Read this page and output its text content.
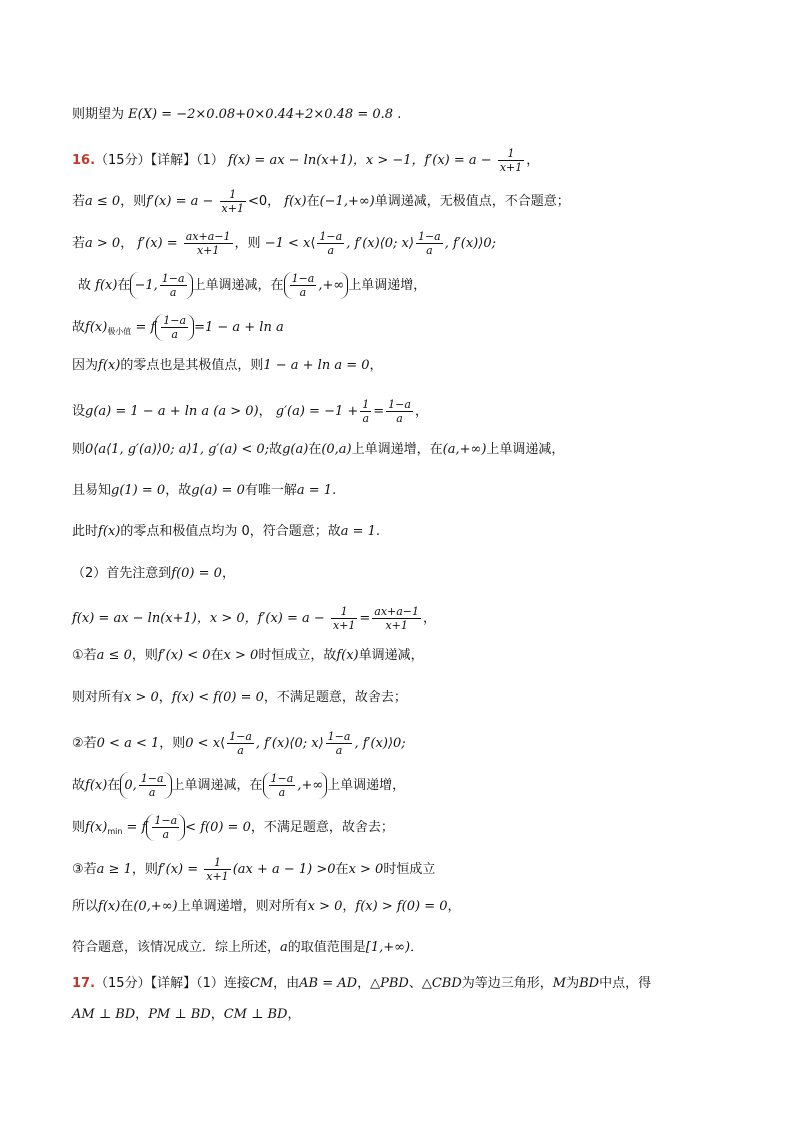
则期望为 E(X) = −2×0.08+0×0.44+2×0.48 = 0.8 .
16.（15分）【详解】（1） f(x) = ax − ln(x+1)，x > −1，$f'(x) = a - \frac{1}{x+1}$ ，
若a ≤ 0，则$f'(x) = a - \frac{1}{x+1} <0$， f(x)在(−1,+∞)单调递减，无极值点，不合题意；
若a > 0， $f'(x) = \frac{ax+a-1}{x+1}$ ，则 −1 < x⟨ $\frac{1-a}{a}$ , f′(x)⟨0; x⟩ $\frac{1-a}{a}$ , f′(x)⟩0;
故 f(x)在 −1, $\frac{1-a}{a}$ 上单调递减，在 $\frac{1-a}{a}$ ,+∞ 上单调递增，
故$f(x)_{极小值} = f \frac{1-a}{a} =1 - a + \ln a$
因为f(x)的零点也是其极值点，则1 − a + ln a = 0，
设g(a) = 1 − a + ln a (a > 0)， $g'(a) = -1 + \frac{1}{a} = \frac{1-a}{a}$ ，
则0⟨a⟨1, g′(a)⟩0; a⟩1, g′(a) < 0;故g(a)在(0,a)上单调递增，在(a,+∞)上单调递减，
且易知g(1) = 0，故g(a) = 0有唯一解a = 1.
此时f(x)的零点和极值点均为 0，符合题意；故a = 1.
（2）首先注意到f(0) = 0，
f(x) = ax − ln(x+1)，x > 0，$f'(x) = a - \frac{1}{x+1} = \frac{ax+a-1}{x+1}$ ，
①若a ≤ 0，则f′(x) < 0在x > 0时恒成立，故f(x)单调递减，
则对所有x > 0，f(x) < f(0) = 0，不满足题意，故舍去；
②若0 < a < 1，则0 < x⟨ $\frac{1-a}{a}$ , f′(x)⟨0; x⟩ $\frac{1-a}{a}$ , f′(x)⟩0;
故f(x)在 0, $\frac{1-a}{a}$ 上单调递减，在 $\frac{1-a}{a}$ ,+∞ 上单调递增，
则$f(x)_{min} = f \frac{1-a}{a} < f(0) = 0$，不满足题意，故舍去；
③若a ≥ 1，则$f'(x) = \frac{1}{x+1} (ax + a - 1) >0$在x > 0时恒成立
所以f(x)在(0,+∞)上单调递增，则对所有x > 0，f(x) > f(0) = 0，
符合题意，该情况成立．综上所述，a的取值范围是[1,+∞)．
17.（15分）【详解】（1）连接CM，由AB = AD，△PBD、△CBD为等边三角形，M为BD中点，得
AM ⊥ BD，PM ⊥ BD，CM ⊥ BD，
